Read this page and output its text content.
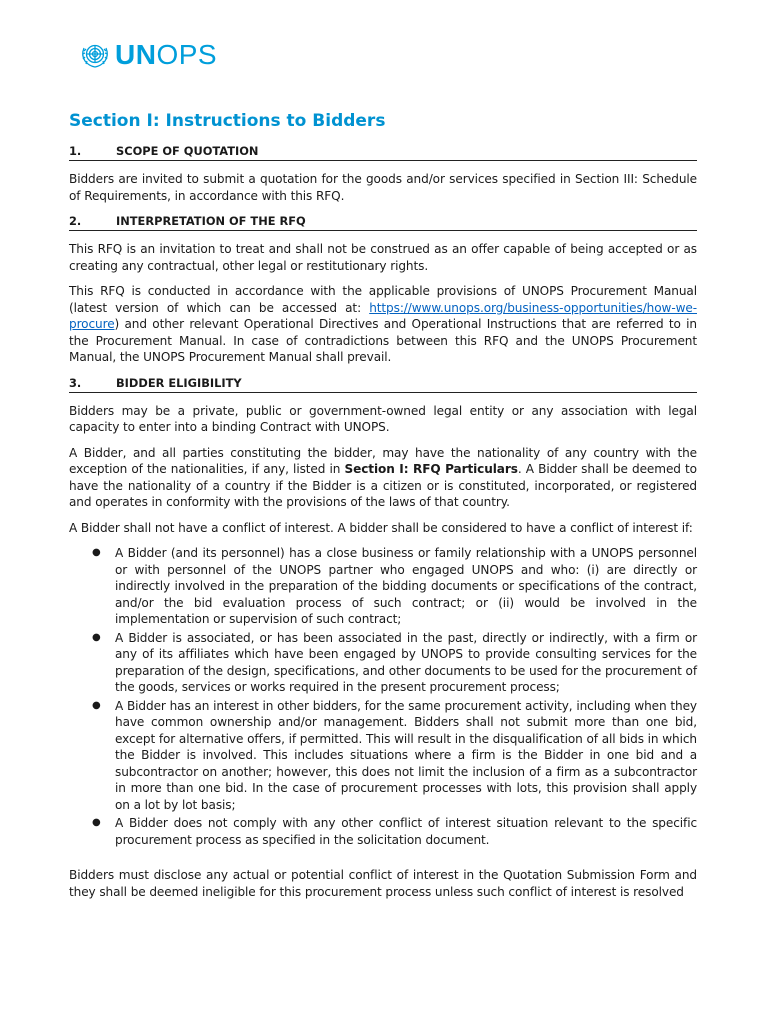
UNOPS
Section I: Instructions to Bidders
1.	SCOPE OF QUOTATION

Bidders are invited to submit a quotation for the goods and/or services specified in Section III: Schedule of Requirements, in accordance with this RFQ.

2.	INTERPRETATION OF THE RFQ

This RFQ is an invitation to treat and shall not be construed as an offer capable of being accepted or as creating any contractual, other legal or restitutionary rights.

This RFQ is conducted in accordance with the applicable provisions of UNOPS Procurement Manual (latest version of which can be accessed at: https://www.unops.org/business-opportunities/how-we-procure) and other relevant Operational Directives and Operational Instructions that are referred to in the Procurement Manual. In case of contradictions between this RFQ and the UNOPS Procurement Manual, the UNOPS Procurement Manual shall prevail.

3.	BIDDER ELIGIBILITY

Bidders may be a private, public or government-owned legal entity or any association with legal capacity to enter into a binding Contract with UNOPS.

A Bidder, and all parties constituting the bidder, may have the nationality of any country with the exception of the nationalities, if any, listed in Section I: RFQ Particulars. A Bidder shall be deemed to have the nationality of a country if the Bidder is a citizen or is constituted, incorporated, or registered and operates in conformity with the provisions of the laws of that country.

A Bidder shall not have a conflict of interest. A bidder shall be considered to have a conflict of interest if:

● A Bidder (and its personnel) has a close business or family relationship with a UNOPS personnel or with personnel of the UNOPS partner who engaged UNOPS and who: (i) are directly or indirectly involved in the preparation of the bidding documents or specifications of the contract, and/or the bid evaluation process of such contract; or (ii) would be involved in the implementation or supervision of such contract;
● A Bidder is associated, or has been associated in the past, directly or indirectly, with a firm or any of its affiliates which have been engaged by UNOPS to provide consulting services for the preparation of the design, specifications, and other documents to be used for the procurement of the goods, services or works required in the present procurement process;
● A Bidder has an interest in other bidders, for the same procurement activity, including when they have common ownership and/or management. Bidders shall not submit more than one bid, except for alternative offers, if permitted. This will result in the disqualification of all bids in which the Bidder is involved. This includes situations where a firm is the Bidder in one bid and a subcontractor on another; however, this does not limit the inclusion of a firm as a subcontractor in more than one bid. In the case of procurement processes with lots, this provision shall apply on a lot by lot basis;
● A Bidder does not comply with any other conflict of interest situation relevant to the specific procurement process as specified in the solicitation document.

Bidders must disclose any actual or potential conflict of interest in the Quotation Submission Form and they shall be deemed ineligible for this procurement process unless such conflict of interest is resolved
